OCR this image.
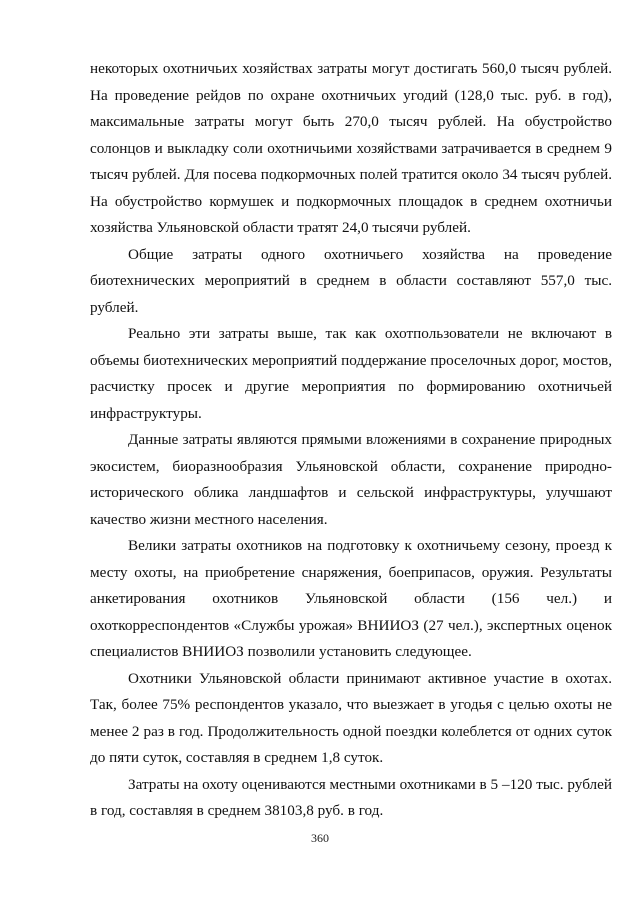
некоторых охотничьих хозяйствах затраты могут достигать 560,0 тысяч рублей. На проведение рейдов по охране охотничьих угодий (128,0 тыс. руб. в год), максимальные затраты могут быть 270,0 тысяч рублей. На обустройство солонцов и выкладку соли охотничьими хозяйствами затрачивается в среднем 9 тысяч рублей. Для посева подкормочных полей тратится около 34 тысяч рублей. На обустройство кормушек и подкормочных площадок в среднем охотничьи хозяйства Ульяновской области тратят 24,0 тысячи рублей.

Общие затраты одного охотничьего хозяйства на проведение биотехнических мероприятий в среднем в области составляют 557,0 тыс. рублей.

Реально эти затраты выше, так как охотпользователи не включают в объемы биотехнических мероприятий поддержание проселочных дорог, мостов, расчистку просек и другие мероприятия по формированию охотничьей инфраструктуры.

Данные затраты являются прямыми вложениями в сохранение природных экосистем, биоразнообразия Ульяновской области, сохранение природно-исторического облика ландшафтов и сельской инфраструктуры, улучшают качество жизни местного населения.

Велики затраты охотников на подготовку к охотничьему сезону, проезд к месту охоты, на приобретение снаряжения, боеприпасов, оружия. Результаты анкетирования охотников Ульяновской области (156 чел.) и охоткорреспондентов «Службы урожая» ВНИИОЗ (27 чел.), экспертных оценок специалистов ВНИИОЗ позволили установить следующее.

Охотники Ульяновской области принимают активное участие в охотах. Так, более 75% респондентов указало, что выезжает в угодья с целью охоты не менее 2 раз в год. Продолжительность одной поездки колеблется от одних суток до пяти суток, составляя в среднем 1,8 суток.

Затраты на охоту оцениваются местными охотниками в 5 –120 тыс. рублей в год, составляя в среднем 38103,8 руб. в год.

360
